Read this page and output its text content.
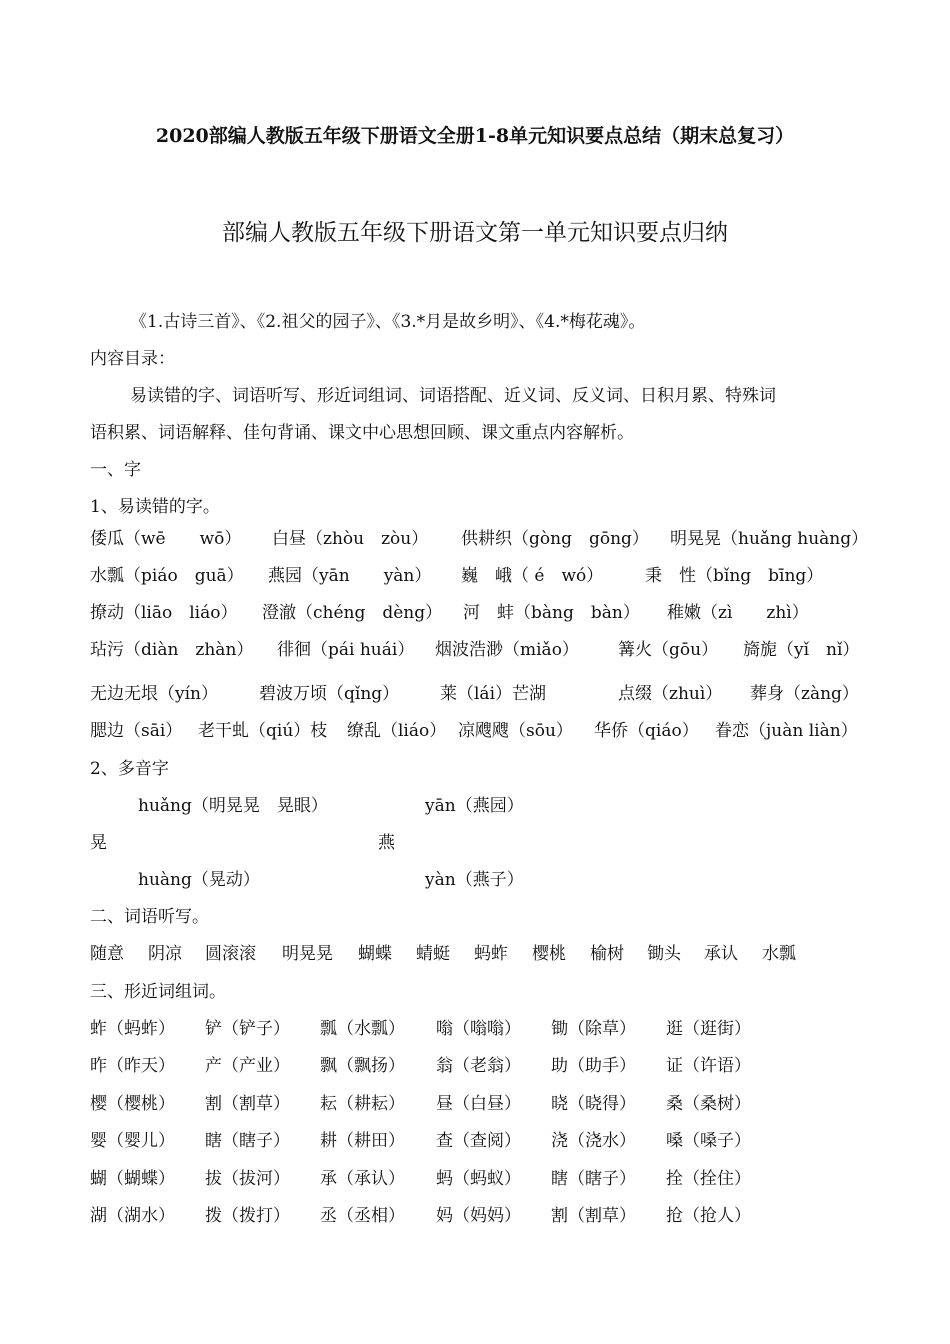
2020部编人教版五年级下册语文全册1-8单元知识要点总结（期末总复习）
部编人教版五年级下册语文第一单元知识要点归纳
《1.古诗三首》、《2.祖父的园子》、《3.*月是故乡明》、《4.*梅花魂》。
内容目录：
易读错的字、词语听写、形近词组词、词语搭配、近义词、反义词、日积月累、特殊词
语积累、词语解释、佳句背诵、课文中心思想回顾、课文重点内容解析。
一、字
1、易读错的字。
倭瓜（wē　　wō） 白昼（zhòu　zòu） 供耕织（gòng　gōng） 明晃晃（huǎng huàng）
水瓢（piáo　guā） 燕园（yān　　yàn） 巍　峨（ é　wó） 秉　性（bǐng　bīng）
撩动（liāo　liáo） 澄澈（chéng　dèng） 河　蚌（bàng　bàn） 稚嫩（zì　　zhì）
玷污（diàn　zhàn） 徘徊（pái huái） 烟波浩渺（miǎo） 篝火（gōu） 旖旎（yǐ　nǐ）
无边无垠（yín） 碧波万顷（qǐng） 莱（lái）芒湖	点缀（zhuì） 葬身（zàng）
腮边（sāi） 老干虬（qiú）枝 缭乱（liáo） 凉飕飕（sōu） 华侨（qiáo） 眷恋（juàn liàn）
2、多音字
huǎng（明晃晃　晃眼）	yān（燕园）
晃	燕
huàng（晃动）	yàn（燕子）
二、词语听写。
随意 阴凉 圆滚滚 明晃晃 蝴蝶 蜻蜓 蚂蚱 樱桃 榆树 锄头 承认 水瓢
三、形近词组词。
蚱（蚂蚱） 铲（铲子） 瓢（水瓢） 嗡（嗡嗡） 锄（除草） 逛（逛街）
昨（昨天） 产（产业） 飘（飘扬） 翁（老翁） 助（助手） 证（许语）
樱（樱桃） 割（割草） 耘（耕耘） 昼（白昼） 晓（晓得） 桑（桑树）
婴（婴儿） 瞎（瞎子） 耕（耕田） 查（查阅） 浇（浇水） 嗓（嗓子）
蝴（蝴蝶） 拔（拔河） 承（承认） 蚂（蚂蚁） 瞎（瞎子） 拴（拴住）
湖（湖水） 拨（拨打） 丞（丞相） 妈（妈妈） 割（割草） 抢（抢人）
